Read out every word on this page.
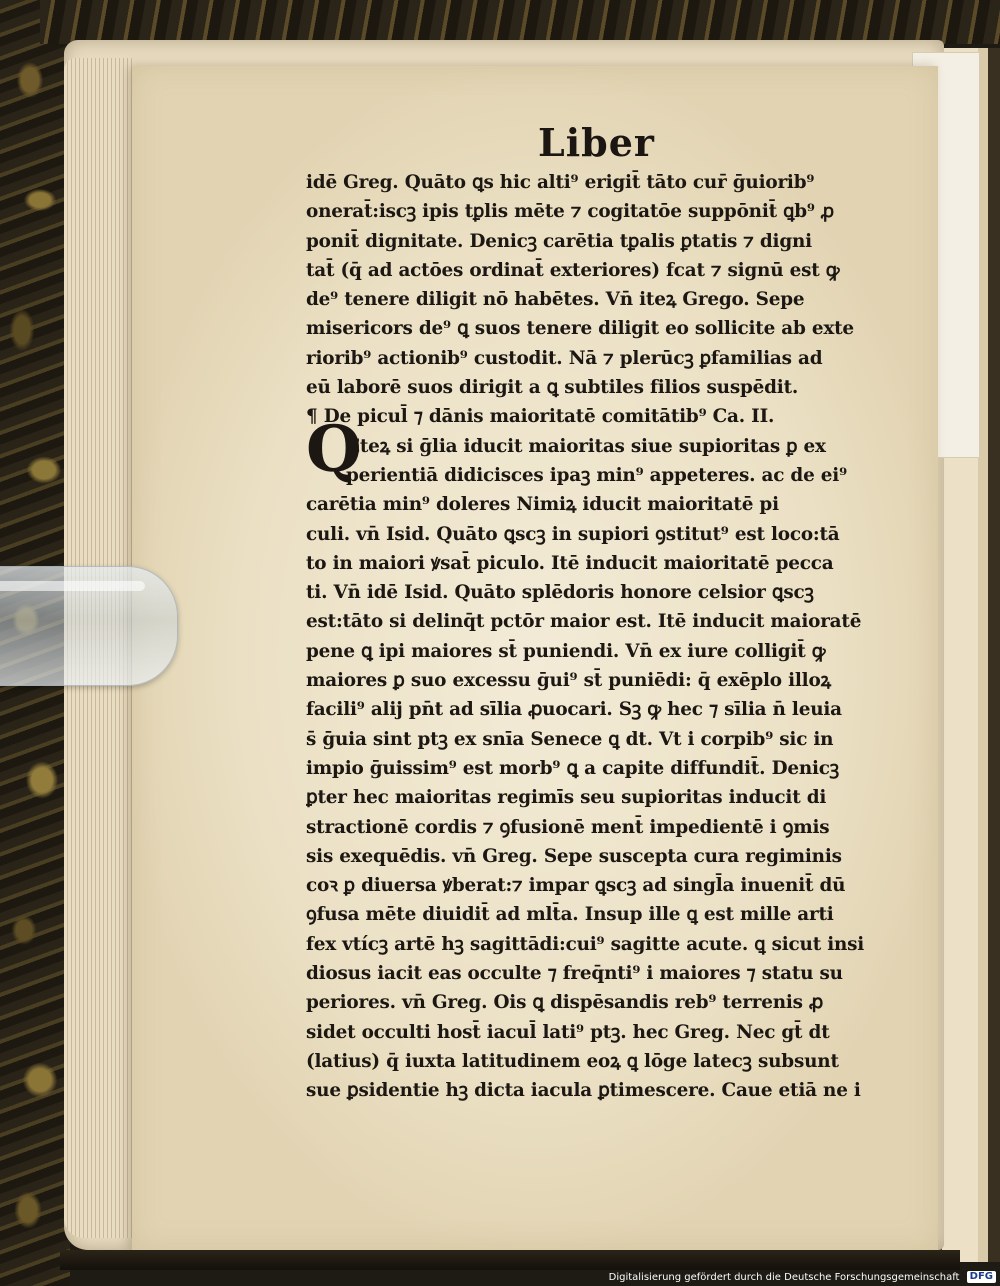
Liber
Q
idē Greg. Quāto ꝗs hic alti⁹ erigit̄ tāto cur̄ ḡuiorib⁹
onerat̄:iscꝫ ipis tꝑlis mēte ⁊ cogitatōe suppōnit̄ ꝗb⁹ ꝓ
ponit̄ dignitate. Denicꝫ carētia tꝑalis ꝑtatis ⁊ digni
tat̄ (q̄ ad actōes ordinat̄ exteriores) fcat ⁊ signū est ꝙ
de⁹ tenere diligit nō habētes. Vn̄ iteꝝ Grego. Sepe
misericors de⁹ ꝗ suos tenere diligit eo sollicite ab exte
riorib⁹ actionib⁹ custodit. Nā ⁊ plerūcꝫ ꝑfamilias ad
eū laborē suos dirigit a ꝗ subtiles filios suspēdit.
¶ De picul̄ ⁊ dānis maioritatē comitātib⁹ Ca. II.
Eteꝝ si ḡlia iducit maioritas siue supioritas ꝑ ex
perientiā didicisces ipaꝫ min⁹ appeteres. ac de ei⁹
carētia min⁹ doleres Nimiꝝ iducit maioritatē pi
culi. vn̄ Isid. Quāto ꝗscꝫ in supiori ꝯstitut⁹ est loco:tā
to in maiori ꝟsat̄ piculo. Itē inducit maioritatē pecca
ti. Vn̄ idē Isid. Quāto splēdoris honore celsior ꝗscꝫ
est:tāto si delinq̄t pctōr maior est. Itē inducit maioratē
pene ꝗ ipi maiores st̄ puniendi. Vn̄ ex iure colligit̄ ꝙ
maiores ꝑ suo excessu ḡui⁹ st̄ puniēdi: q̄ exēplo illoꝝ
facili⁹ alij pn̄t ad sīlia ꝓuocari. Sꝫ ꝙ hec ⁊ sīlia n̄ leuia
s̄ ḡuia sint ptꝫ ex snīa Senece ꝗ dt. Vt i corpib⁹ sic in
impio ḡuissim⁹ est morb⁹ ꝗ a capite diffundit̄. Denicꝫ
ꝑter hec maioritas regimīs seu supioritas inducit di
stractionē cordis ⁊ ꝯfusionē ment̄ impedientē i ꝯmis
sis exequēdis. vn̄ Greg. Sepe suscepta cura regiminis
coꝛ ꝑ diuersa ꝟberat:⁊ impar ꝗscꝫ ad singl̄a inuenit̄ dū
ꝯfusa mēte diuidit̄ ad mlt̄a. Insup ille ꝗ est mille arti
fex vtícꝫ artē hꝫ sagittādi:cui⁹ sagitte acute. ꝗ sicut insi
diosus iacit eas occulte ⁊ freq̄nti⁹ i maiores ⁊ statu su
periores. vn̄ Greg. Ois ꝗ dispēsandis reb⁹ terrenis ꝓ
sidet occulti host̄ iacul̄ lati⁹ ptꝫ. hec Greg. Nec gt̄ dt
(latius) q̄ iuxta latitudinem eoꝝ ꝗ lōge latecꝫ subsunt
sue ꝑsidentie hꝫ dicta iacula ꝑtimescere. Caue etiā ne i
Digitalisierung gefördert durch die Deutsche Forschungsgemeinschaft DFG
